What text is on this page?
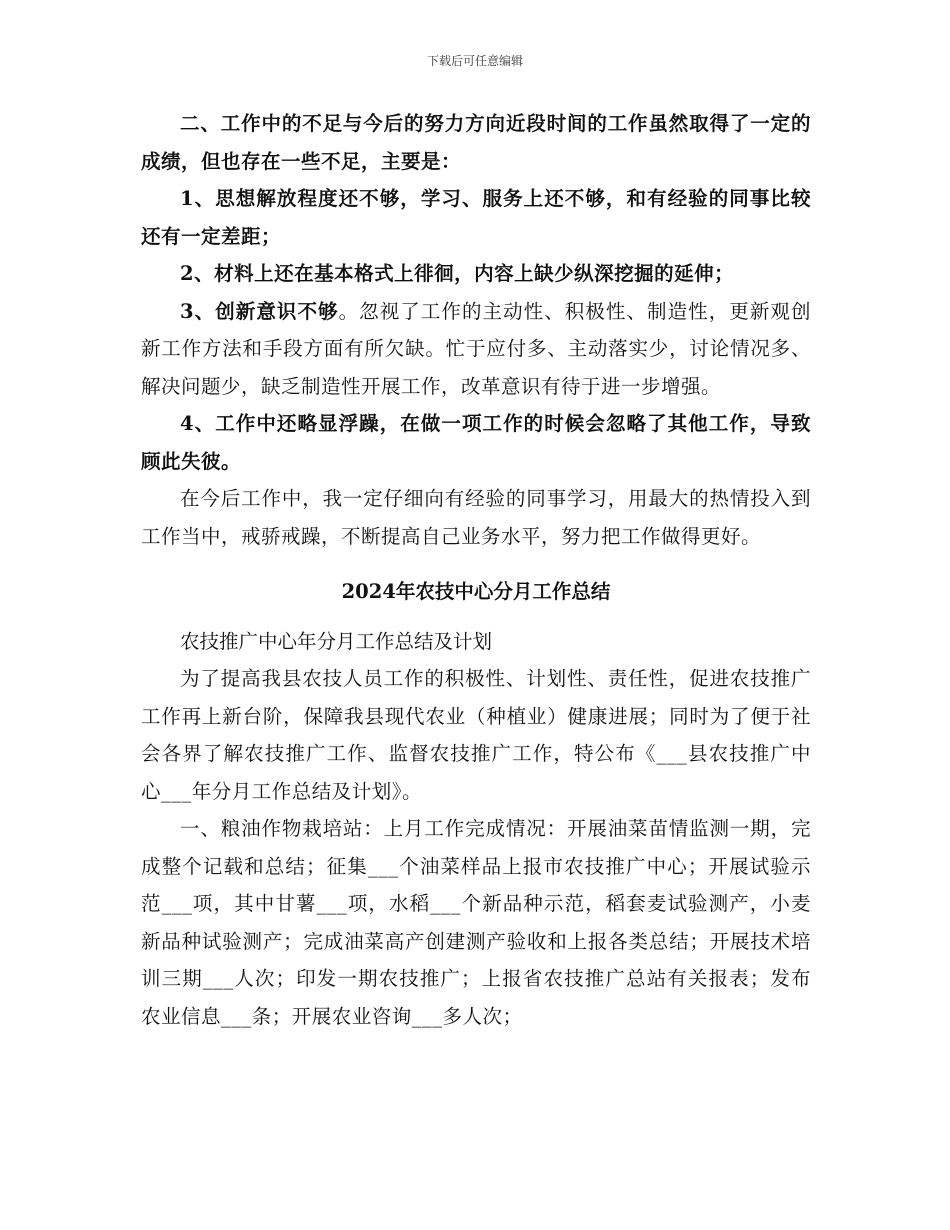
下载后可任意编辑

二、工作中的不足与今后的努力方向近段时间的工作虽然取得了一定的成绩，但也存在一些不足，主要是：

1、思想解放程度还不够，学习、服务上还不够，和有经验的同事比较还有一定差距；

2、材料上还在基本格式上徘徊，内容上缺少纵深挖掘的延伸；

3、创新意识不够。忽视了工作的主动性、积极性、制造性，更新观创新工作方法和手段方面有所欠缺。忙于应付多、主动落实少，讨论情况多、解决问题少，缺乏制造性开展工作，改革意识有待于进一步增强。

4、工作中还略显浮躁，在做一项工作的时候会忽略了其他工作，导致顾此失彼。

在今后工作中，我一定仔细向有经验的同事学习，用最大的热情投入到工作当中，戒骄戒躁，不断提高自己业务水平，努力把工作做得更好。

2024年农技中心分月工作总结

农技推广中心年分月工作总结及计划

为了提高我县农技人员工作的积极性、计划性、责任性，促进农技推广工作再上新台阶，保障我县现代农业（种植业）健康进展；同时为了便于社会各界了解农技推广工作、监督农技推广工作，特公布《___县农技推广中心___年分月工作总结及计划》。

一、粮油作物栽培站：上月工作完成情况：开展油菜苗情监测一期，完成整个记载和总结；征集___个油菜样品上报市农技推广中心；开展试验示范___项，其中甘薯___项，水稻___个新品种示范，稻套麦试验测产，小麦新品种试验测产；完成油菜高产创建测产验收和上报各类总结；开展技术培训三期___人次；印发一期农技推广；上报省农技推广总站有关报表；发布农业信息___条；开展农业咨询___多人次；
